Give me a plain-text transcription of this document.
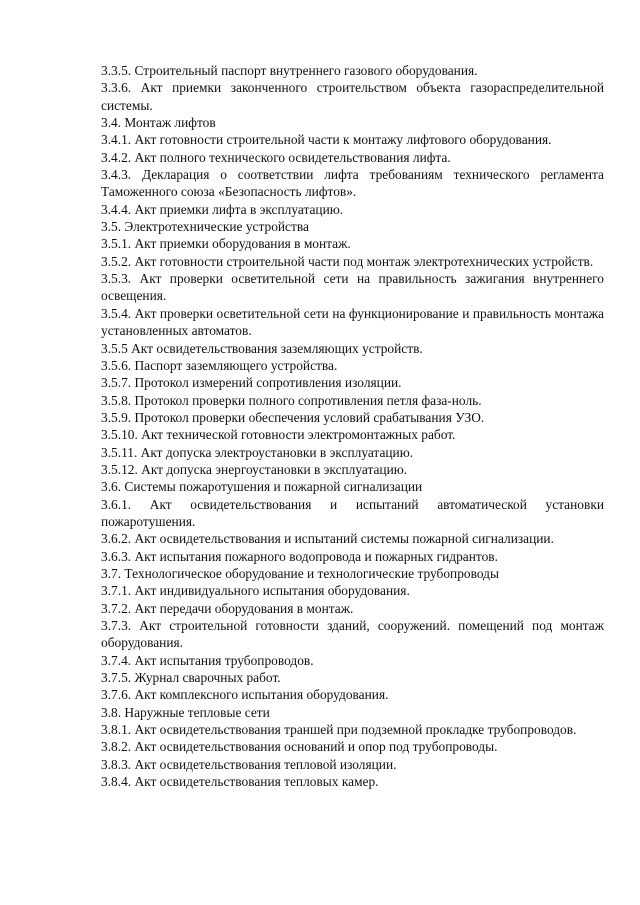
3.3.5. Строительный паспорт внутреннего газового оборудования.

3.3.6. Акт приемки законченного строительством объекта газораспределительной системы.

3.4. Монтаж лифтов

3.4.1. Акт готовности строительной части к монтажу лифтового оборудования.

3.4.2. Акт полного технического освидетельствования лифта.

3.4.3. Декларация о соответствии лифта требованиям технического регламента Таможенного союза «Безопасность лифтов».

3.4.4. Акт приемки лифта в эксплуатацию.

3.5. Электротехнические устройства

3.5.1. Акт приемки оборудования в монтаж.

3.5.2. Акт готовности строительной части под монтаж электротехнических устройств.

3.5.3. Акт проверки осветительной сети на правильность зажигания внутреннего освещения.

3.5.4. Акт проверки осветительной сети на функционирование и правильность монтажа установленных автоматов.

3.5.5 Акт освидетельствования заземляющих устройств.

3.5.6. Паспорт заземляющего устройства.

3.5.7. Протокол измерений сопротивления изоляции.

3.5.8. Протокол проверки полного сопротивления петля фаза-ноль.

3.5.9. Протокол проверки обеспечения условий срабатывания УЗО.

3.5.10. Акт технической готовности электромонтажных работ.

3.5.11. Акт допуска электроустановки в эксплуатацию.

3.5.12. Акт допуска энергоустановки в эксплуатацию.

3.6. Системы пожаротушения и пожарной сигнализации

3.6.1. Акт освидетельствования и испытаний автоматической установки пожаротушения.

3.6.2. Акт освидетельствования и испытаний системы пожарной сигнализации.

3.6.3. Акт испытания пожарного водопровода и пожарных гидрантов.

3.7. Технологическое оборудование и технологические трубопроводы

3.7.1. Акт индивидуального испытания оборудования.

3.7.2. Акт передачи оборудования в монтаж.

3.7.3. Акт строительной готовности зданий, сооружений. помещений под монтаж оборудования.

3.7.4. Акт испытания трубопроводов.

3.7.5. Журнал сварочных работ.

3.7.6. Акт комплексного испытания оборудования.

3.8. Наружные тепловые сети

3.8.1. Акт освидетельствования траншей при подземной прокладке трубопроводов.

3.8.2. Акт освидетельствования оснований и опор под трубопроводы.

3.8.3. Акт освидетельствования тепловой изоляции.

3.8.4. Акт освидетельствования тепловых камер.
